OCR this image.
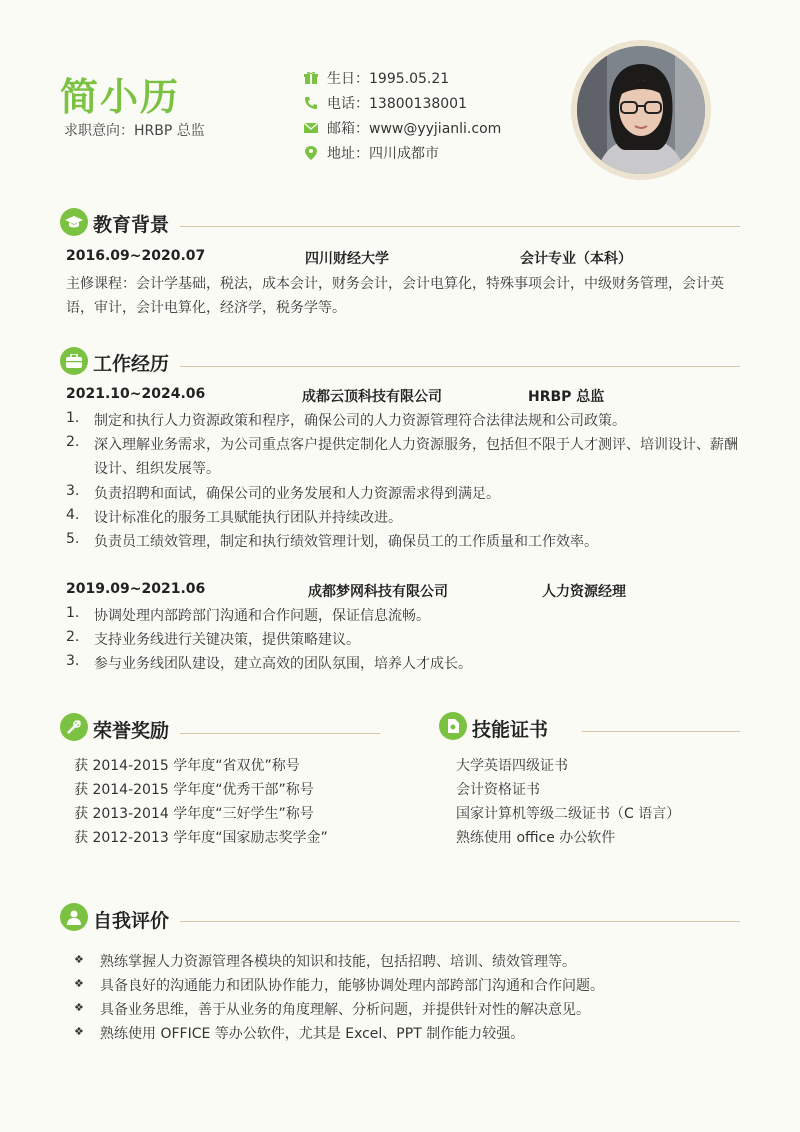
简小历
求职意向：HRBP 总监
生日：1995.05.21
电话：13800138001
邮箱：www@yyjianli.com
地址：四川成都市
教育背景
2016.09~2020.07	四川财经大学	会计专业（本科）
主修课程：会计学基础，税法，成本会计，财务会计，会计电算化，特殊事项会计，中级财务管理，会计英
语，审计，会计电算化，经济学，税务学等。
工作经历
2021.10~2024.06	成都云顶科技有限公司	HRBP 总监
1. 制定和执行人力资源政策和程序，确保公司的人力资源管理符合法律法规和公司政策。
2. 深入理解业务需求，为公司重点客户提供定制化人力资源服务，包括但不限于人才测评、培训设计、薪酬
设计、组织发展等。
3. 负责招聘和面试，确保公司的业务发展和人力资源需求得到满足。
4. 设计标准化的服务工具赋能执行团队并持续改进。
5. 负责员工绩效管理，制定和执行绩效管理计划，确保员工的工作质量和工作效率。
2019.09~2021.06	成都梦网科技有限公司	人力资源经理
1. 协调处理内部跨部门沟通和合作问题，保证信息流畅。
2. 支持业务线进行关键决策，提供策略建议。
3. 参与业务线团队建设，建立高效的团队氛围，培养人才成长。
荣誉奖励
获 2014-2015 学年度“省双优”称号
获 2014-2015 学年度“优秀干部”称号
获 2013-2014 学年度“三好学生”称号
获 2012-2013 学年度“国家励志奖学金”
技能证书
大学英语四级证书
会计资格证书
国家计算机等级二级证书（C 语言）
熟练使用 office 办公软件
自我评价
❖ 熟练掌握人力资源管理各模块的知识和技能，包括招聘、培训、绩效管理等。
❖ 具备良好的沟通能力和团队协作能力，能够协调处理内部跨部门沟通和合作问题。
❖ 具备业务思维，善于从业务的角度理解、分析问题，并提供针对性的解决意见。
❖ 熟练使用 OFFICE 等办公软件，尤其是 Excel、PPT 制作能力较强。
